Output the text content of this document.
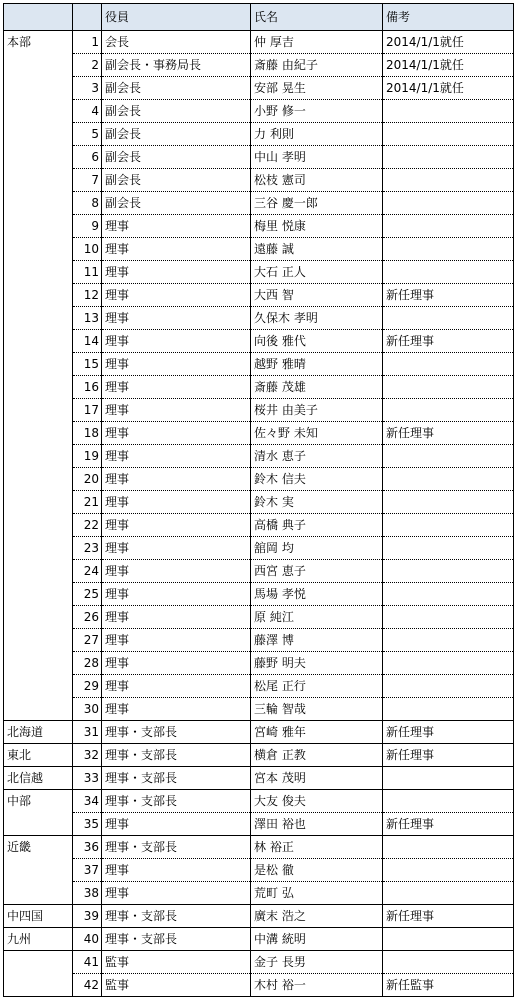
		役員	氏名	備考
本部	1	会長	仲 厚吉	2014/1/1就任
	2	副会長・事務局長	斎藤 由紀子	2014/1/1就任
	3	副会長	安部 晃生	2014/1/1就任
	4	副会長	小野 修一	
	5	副会長	力 利則	
	6	副会長	中山 孝明	
	7	副会長	松枝 憲司	
	8	副会長	三谷 慶一郎	
	9	理事	梅里 悦康	
	10	理事	遠藤 誠	
	11	理事	大石 正人	
	12	理事	大西 智	新任理事
	13	理事	久保木 孝明	
	14	理事	向後 雅代	新任理事
	15	理事	越野 雅晴	
	16	理事	斎藤 茂雄	
	17	理事	桜井 由美子	
	18	理事	佐々野 未知	新任理事
	19	理事	清水 恵子	
	20	理事	鈴木 信夫	
	21	理事	鈴木 実	
	22	理事	高橋 典子	
	23	理事	舘岡 均	
	24	理事	西宮 恵子	
	25	理事	馬場 孝悦	
	26	理事	原 純江	
	27	理事	藤澤 博	
	28	理事	藤野 明夫	
	29	理事	松尾 正行	
	30	理事	三輪 智哉	
北海道	31	理事・支部長	宮崎 雅年	新任理事
東北	32	理事・支部長	横倉 正教	新任理事
北信越	33	理事・支部長	宮本 茂明	
中部	34	理事・支部長	大友 俊夫	
	35	理事	澤田 裕也	新任理事
近畿	36	理事・支部長	林 裕正	
	37	理事	是松 徹	
	38	理事	荒町 弘	
中四国	39	理事・支部長	廣末 浩之	新任理事
九州	40	理事・支部長	中溝 統明	
	41	監事	金子 長男	
	42	監事	木村 裕一	新任監事
